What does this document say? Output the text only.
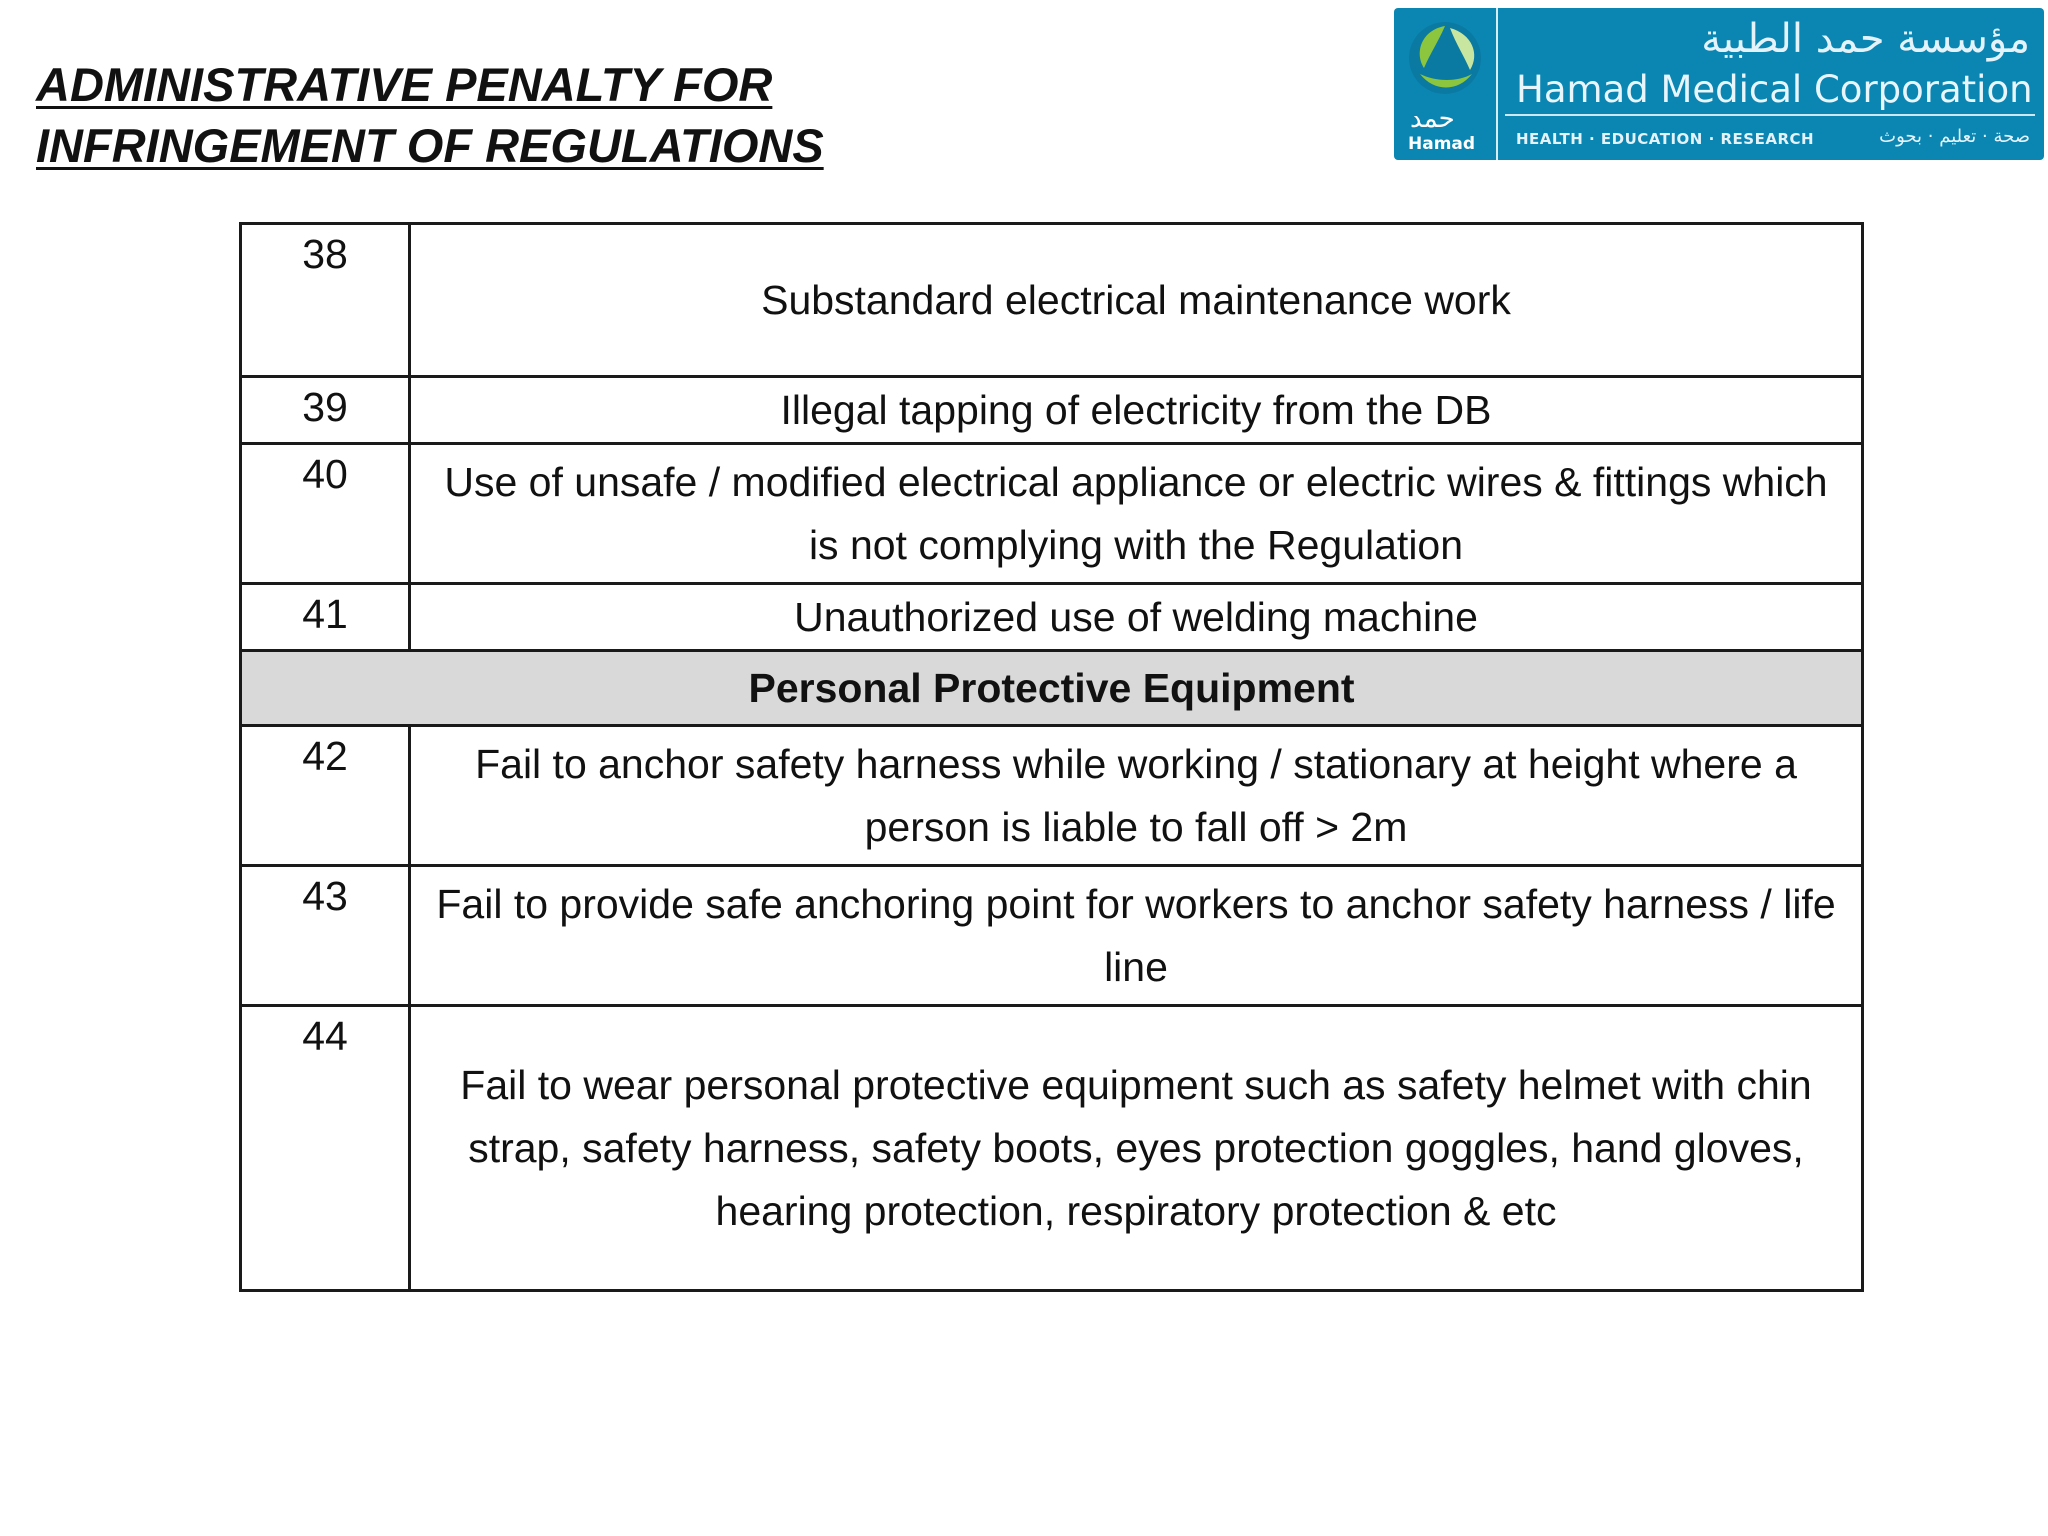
ADMINISTRATIVE PENALTY FOR
INFRINGEMENT OF REGULATIONS	حمد
Hamad
مؤسسة حمد الطبية
Hamad Medical Corporation
HEALTH · EDUCATION · RESEARCH	صحة · تعليم · بحوث
38	Substandard electrical maintenance work

39	Illegal tapping of electricity from the DB

40	Use of unsafe / modified electrical appliance or electric wires & fittings which is not complying with the Regulation

41	Unauthorized use of welding machine

Personal Protective Equipment	

42	Fail to anchor safety harness while working / stationary at height where a person is liable to fall off > 2m

43	Fail to provide safe anchoring point for workers to anchor safety harness / life line

44	Fail to wear personal protective equipment such as safety helmet with chin strap, safety harness, safety boots, eyes protection goggles, hand gloves, hearing protection, respiratory protection & etc
